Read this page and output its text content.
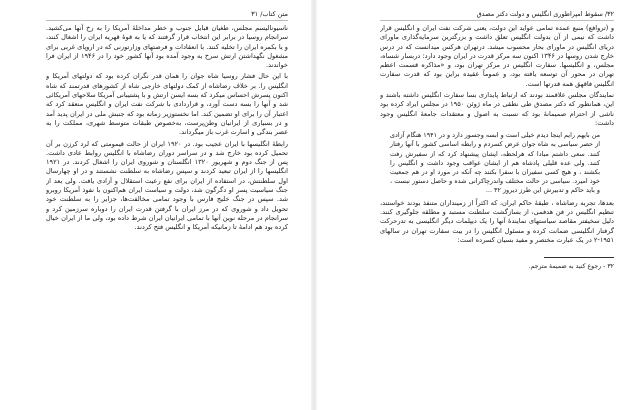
متن کتاب/ ۳۱

ناسیونالیسم مجلس، طغیان قبایل جنوب و خطر مداخلهٔ آمریکا را به رخ آنها می‌کشید. سرانجام روسیا در برابر این انتخاب قرار گرفتند که یا به قوهٔ قهریه ایران را اشغال کنند، و یا بکمره ایران را تخلیه کنند. با انعقادات و فرصتهای وزارتورنی که در اروپای غربی برای مشغول نگهداشتن ارتش سرخ به وجود آمده بود آنها کشور خود را در ۱۹۴۶ از ایران فرا خواندند.

با این حال فشار روسیا شاه جوان را همان قدر نگران کرده بود که دولتهای آمریکا و انگلیس را. بر خلاف رضاشاه از کمک دولتهای خارجی شاه از کشورهای قدرتمند که شاه اکنون پسرش احساس میکرد که بسه ایسن ارتش و با پشتیبانی آمریکا سلاحهای آمریکائی شد و آنها را بسه دست آورد، و قراردادی با شرکت نفت ایران و انگلیس منعقد کرد که اعتبار آن را برای او تضمین کند. اما نخستوزیر زمانه بود که جنبش ملی در ایران پدید آمد و در بسیاری از ایرانیان وطن‌پرست، به‌خصوص طبقات متوسط شهری، مملکت را به عصر بندگی و اسارت غرب باز میگرداند.

رابطهٔ انگلیسها با ایران عجیب بود. در ۱۹۲۰ ایران از حالت قیمومتی که لرد کرزن بر آن تحمیل کرده بود خارج شد و در سراسر دوران رضاشاه با انگلیس روابط عادی داشت. پس از جنگ دوم و شهریور ۱۳۲۰ انگلستان و شوروی ایران را اشغال کردند. در ۱۹۲۱ انگلیسها را از ایران تبعید کردند و سپس رضاشاه به سلطنت نشستند و در او چهارسال اول سلطنتش، در استفاده از ایران برای نفع رعیت استقلال و آزادی یافت. ولی بعد از جنگ سیاسیت پسر او دگرگون شد، دولت و سیاست ایران هم‌اکنون با نفوذ آمریکا روبرو شد. سپس در جنگ خلیج فارس با وجود تمامی مخالفت‌ها، جزایر را به سلطنت خود تحویل داد و شوروی که در مرز ایران با گرفتن قدرت ایران را دوباره سرزمین کرد و سرانجام در مرحله نوین آنها با تمامی ایرانیان ایران شرط داده بود، ولی ما از ایران خیال کرده بود هم ادامهٔ تا زمانیکه آمریکا و انگلیس فتح کردند.

۳۲/ سقوط امپراطوری انگلیس و دولت دکتر مصدق

و (تروافع) منبع عمده تمامی عواید این دولت، یعنی شرکت نفت ایران و انگلیس قرار داشت که نیمی از آن بدولت انگلیس تعلق داشت و بزرگترین سرمایه‌گذاری ماورای دریای انگلیس در ماورای بحار محسوب میشد. درتهران هرکس میدانست که در درس خارج شدن روسها در ۱۳۴۶ اکنون سه مرکز قدرت در ایران وجود دارد: دربسار شساه، مجلس، و انگلیسها. سفارت انگلیس در مرکز تهران بود، و «مذاکره قسمت اعظم تهران در محور آن توسعه یافته بود، و عموماً عقیده براین بود که قدرت سفارت انگلیس فاقهق همه قدرتها است.

نمایندگان مجلس علاقمند بودند که ارتباط پایداری بسا سفارت انگلیس داشته باشند و این، همانطور که دکتر مصدق طی نطقی در ماه ژوئن ۱۹۵۰ در مجلس ایراد کرده بود ناشی از احترام صمیمانهٔ بود که نسبت به اصول و معتقدات جامعهٔ انگلیس وجود داشت:

من بایهم رایم اینجا دیدم خیلی است و ابسه وجسور دارد و در ۱۹۴۱ هنگام آزادی از حصر سیاسی به شاه جوان عرض کسردم و رابطه اساسی کشور با آنها رفتار کنند. سعی داشتم مبادا که هرلحظه، ایشان پیشنهاد کرد که از سفیرش رفت کنند. ولی عده قلیلی پادشاه هم از ایشان عواقب وجود داشت و انگلیس را بکشند ، و هیچ کسی سفیران با سفرا بکنند چه آنکه در مورد او در هم جمعیت خود امیرد. سیاسی در حالت مختلف واندرچاکرانی شده و حاصل دستور نبست ، و باید حاکم و تدبیرش این طرز دیروز ۳۲ ...

بعدها، تجربه رضاشاه ، طبقهٔ حاکم ایران، که اکثراً از زمینداران متنفذ بودند خواستند، تنظیم انگلیس در فن هدفمی، از بسازگشت سلطنت مستبد و مطلقه جلوگیری کنند. دلیل سخیفتر مقاصد سیاستهای نمایندهٔ آنها را یک دیپلمات دیگر انگلیسی به تدرحرکت گرفتار انگلیسی ضمانت کرده و مسئول انگلیس را در بیت سفارت تهران در سالهای ۱۹۵۱-۲ در یک عبارت مختصر و مفید بسیان کسرده است:

۳۲ - رجوع کنید به ضمیمهٔ مترجم.
